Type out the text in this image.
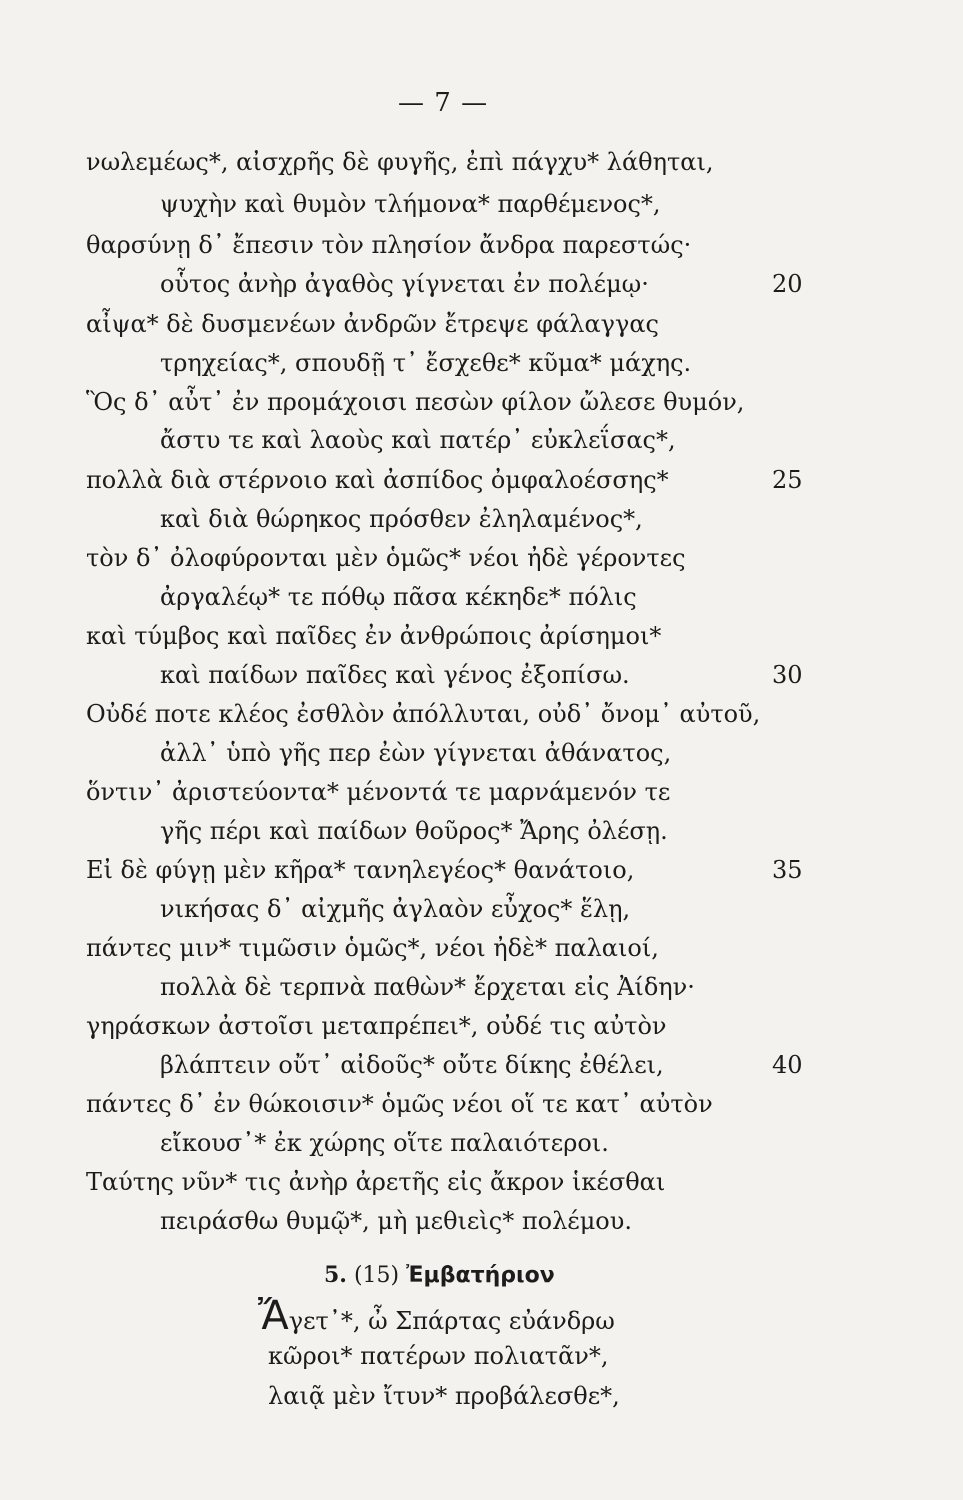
— 7 —
νωλεμέως*, αἰσχρῆς δὲ φυγῆς, ἐπὶ πάγχυ* λάθηται,
ψυχὴν καὶ θυμὸν τλήμονα* παρθέμενος*,
θαρσύνῃ δ᾽ ἔπεσιν τὸν πλησίον ἄνδρα παρεστώς·
οὗτος ἀνὴρ ἀγαθὸς γίγνεται ἐν πολέμῳ·	20
αἶψα* δὲ δυσμενέων ἀνδρῶν ἔτρεψε φάλαγγας
τρηχείας*, σπουδῇ τ᾽ ἔσχεθε* κῦμα* μάχης.
Ὃς δ᾽ αὖτ᾽ ἐν προμάχοισι πεσὼν φίλον ὤλεσε θυμόν,
ἄστυ τε καὶ λαοὺς καὶ πατέρ᾽ εὐκλεΐσας*,
πολλὰ διὰ στέρνοιο καὶ ἀσπίδος ὀμφαλοέσσης*	25
καὶ διὰ θώρηκος πρόσθεν ἐληλαμένος*,
τὸν δ᾽ ὀλοφύρονται μὲν ὁμῶς* νέοι ἠδὲ γέροντες
ἀργαλέῳ* τε πόθῳ πᾶσα κέκηδε* πόλις
καὶ τύμβος καὶ παῖδες ἐν ἀνθρώποις ἀρίσημοι*
καὶ παίδων παῖδες καὶ γένος ἐξοπίσω.	30
Οὐδέ ποτε κλέος ἐσθλὸν ἀπόλλυται, οὐδ᾽ ὄνομ᾽ αὐτοῦ,
ἀλλ᾽ ὑπὸ γῆς περ ἐὼν γίγνεται ἀθάνατος,
ὅντιν᾽ ἀριστεύοντα* μένοντά τε μαρνάμενόν τε
γῆς πέρι καὶ παίδων θοῦρος* Ἄρης ὀλέσῃ.
Εἰ δὲ φύγῃ μὲν κῆρα* τανηλεγέος* θανάτοιο,	35
νικήσας δ᾽ αἰχμῆς ἀγλαὸν εὖχος* ἕλῃ,
πάντες μιν* τιμῶσιν ὁμῶς*, νέοι ἠδὲ* παλαιοί,
πολλὰ δὲ τερπνὰ παθὼν* ἔρχεται εἰς Ἀίδην·
γηράσκων ἀστοῖσι μεταπρέπει*, οὐδέ τις αὐτὸν
βλάπτειν οὔτ᾽ αἰδοῦς* οὔτε δίκης ἐθέλει,	40
πάντες δ᾽ ἐν θώκοισιν* ὁμῶς νέοι οἵ τε κατ᾽ αὐτὸν
εἴκουσ᾽* ἐκ χώρης οἵτε παλαιότεροι.
Ταύτης νῦν* τις ἀνὴρ ἀρετῆς εἰς ἄκρον ἱκέσθαι
πειράσθω θυμῷ*, μὴ μεθιεὶς* πολέμου.
5. (15) Ἐμβατήριον
Ἄγετ᾽*, ὦ Σπάρτας εὐάνδρω
κῶροι* πατέρων πολιατᾶν*,
λαιᾷ μὲν ἴτυν* προβάλεσθε*,
